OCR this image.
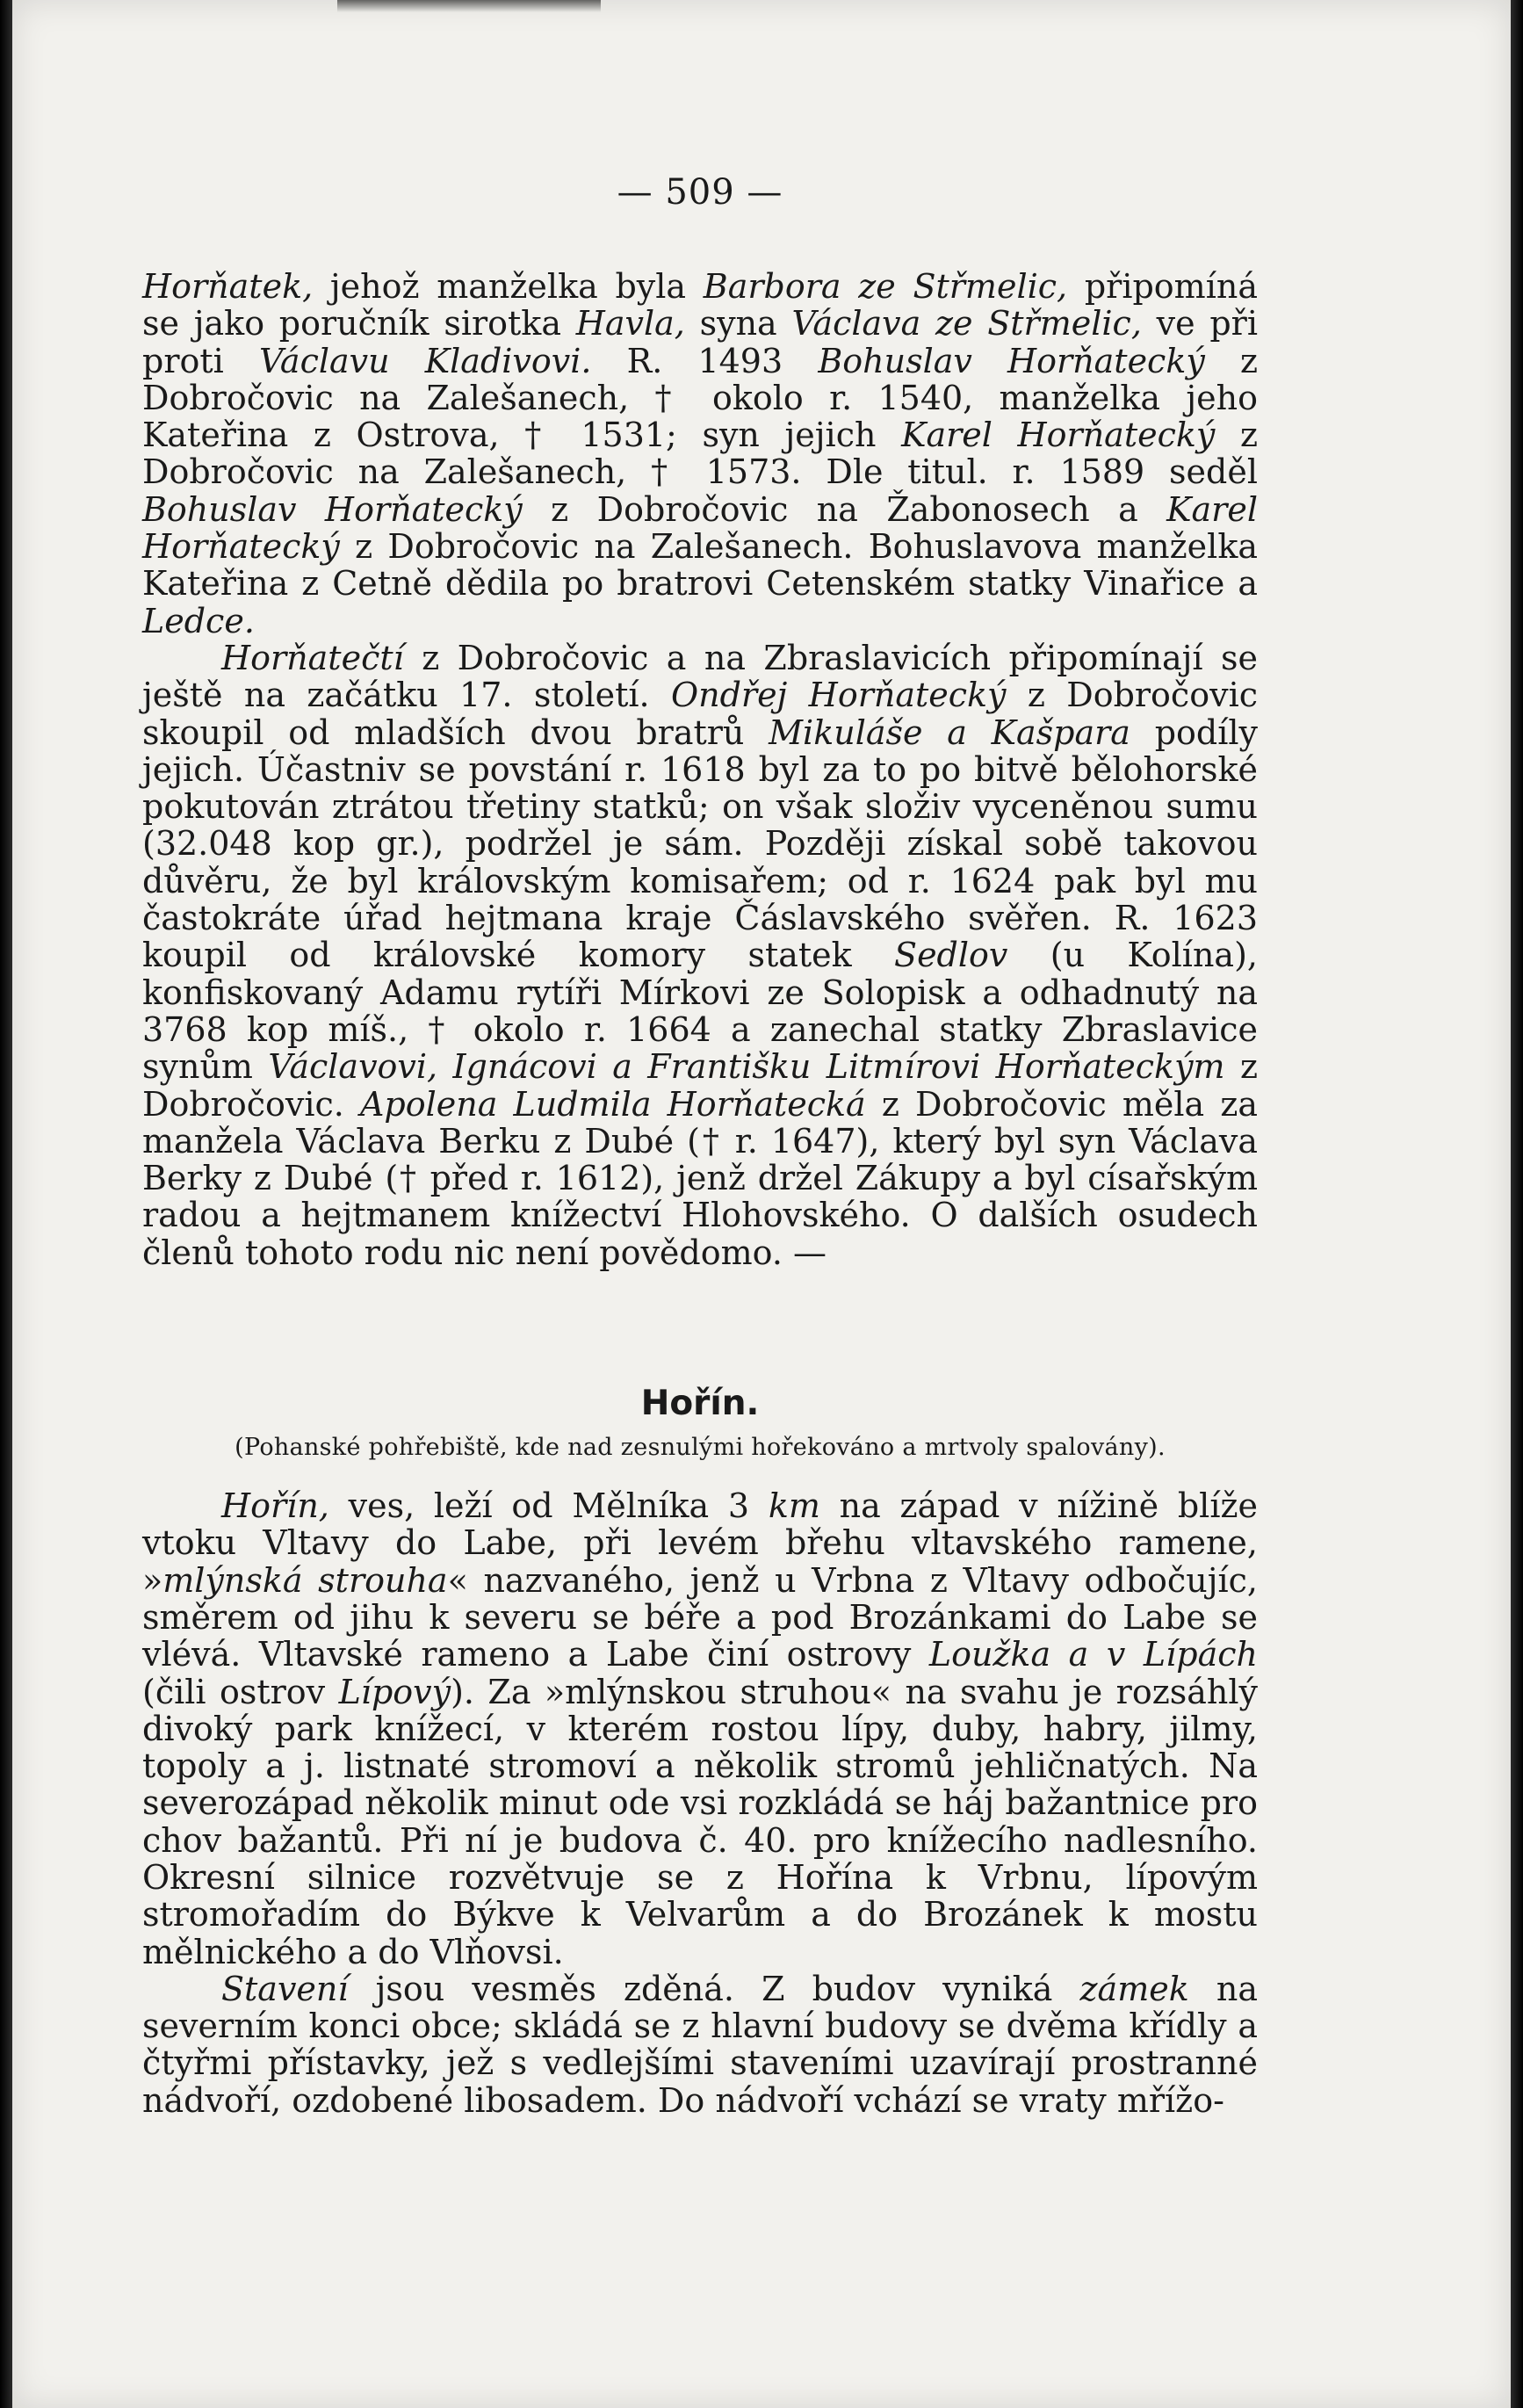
— 509 —

Horňatek, jehož manželka byla Barbora ze Střmelic, připomíná se jako poručník sirotka Havla, syna Václava ze Střmelic, ve při proti Václavu Kladivovi. R. 1493 Bohuslav Horňatecký z Dobročovic na Zalešanech, † okolo r. 1540, manželka jeho Kateřina z Ostrova, † 1531; syn jejich Karel Horňatecký z Dobročovic na Zalešanech, † 1573. Dle titul. r. 1589 seděl Bohuslav Horňatecký z Dobročovic na Žabonosech a Karel Horňatecký z Dobročovic na Zalešanech. Bohuslavova manželka Kateřina z Cetně dědila po bratrovi Cetenském statky Vinařice a Ledce.

Horňatečtí z Dobročovic a na Zbraslavicích připomínají se ještě na začátku 17. století. Ondřej Horňatecký z Dobročovic skoupil od mladších dvou bratrů Mikuláše a Kašpara podíly jejich. Účastniv se povstání r. 1618 byl za to po bitvě bělohorské pokutován ztrátou třetiny statků; on však složiv vyceněnou sumu (32.048 kop gr.), podržel je sám. Později získal sobě takovou důvěru, že byl královským komisařem; od r. 1624 pak byl mu častokráte úřad hejtmana kraje Čáslavského svěřen. R. 1623 koupil od královské komory statek Sedlov (u Kolína), konfiskovaný Adamu rytíři Mírkovi ze Solopisk a odhadnutý na 3768 kop míš., † okolo r. 1664 a zanechal statky Zbraslavice synům Václavovi, Ignácovi a Františku Litmírovi Horňateckým z Dobročovic. Apolena Ludmila Horňatecká z Dobročovic měla za manžela Václava Berku z Dubé († r. 1647), který byl syn Václava Berky z Dubé († před r. 1612), jenž držel Zákupy a byl císařským radou a hejtmanem knížectví Hlohovského. O dalších osudech členů tohoto rodu nic není povědomo. —

Hořín.
(Pohanské pohřebiště, kde nad zesnulými hořekováno a mrtvoly spalovány).

Hořín, ves, leží od Mělníka 3 km na západ v nížině blíže vtoku Vltavy do Labe, při levém břehu vltavského ramene, »mlýnská strouha« nazvaného, jenž u Vrbna z Vltavy odbočujíc, směrem od jihu k severu se béře a pod Brozánkami do Labe se vlévá. Vltavské rameno a Labe činí ostrovy Loužka a v Lípách (čili ostrov Lípový). Za »mlýnskou struhou« na svahu je rozsáhlý divoký park knížecí, v kterém rostou lípy, duby, habry, jilmy, topoly a j. listnaté stromoví a několik stromů jehličnatých. Na severozápad několik minut ode vsi rozkládá se háj bažantnice pro chov bažantů. Při ní je budova č. 40. pro knížecího nadlesního. Okresní silnice rozvětvuje se z Hořína k Vrbnu, lípovým stromořadím do Býkve k Velvarům a do Brozánek k mostu mělnického a do Vlňovsi.

Stavení jsou vesměs zděná. Z budov vyniká zámek na severním konci obce; skládá se z hlavní budovy se dvěma křídly a čtyřmi přístavky, jež s vedlejšími staveními uzavírají prostranné nádvoří, ozdobené libosadem. Do nádvoří vchází se vraty mřížo-
